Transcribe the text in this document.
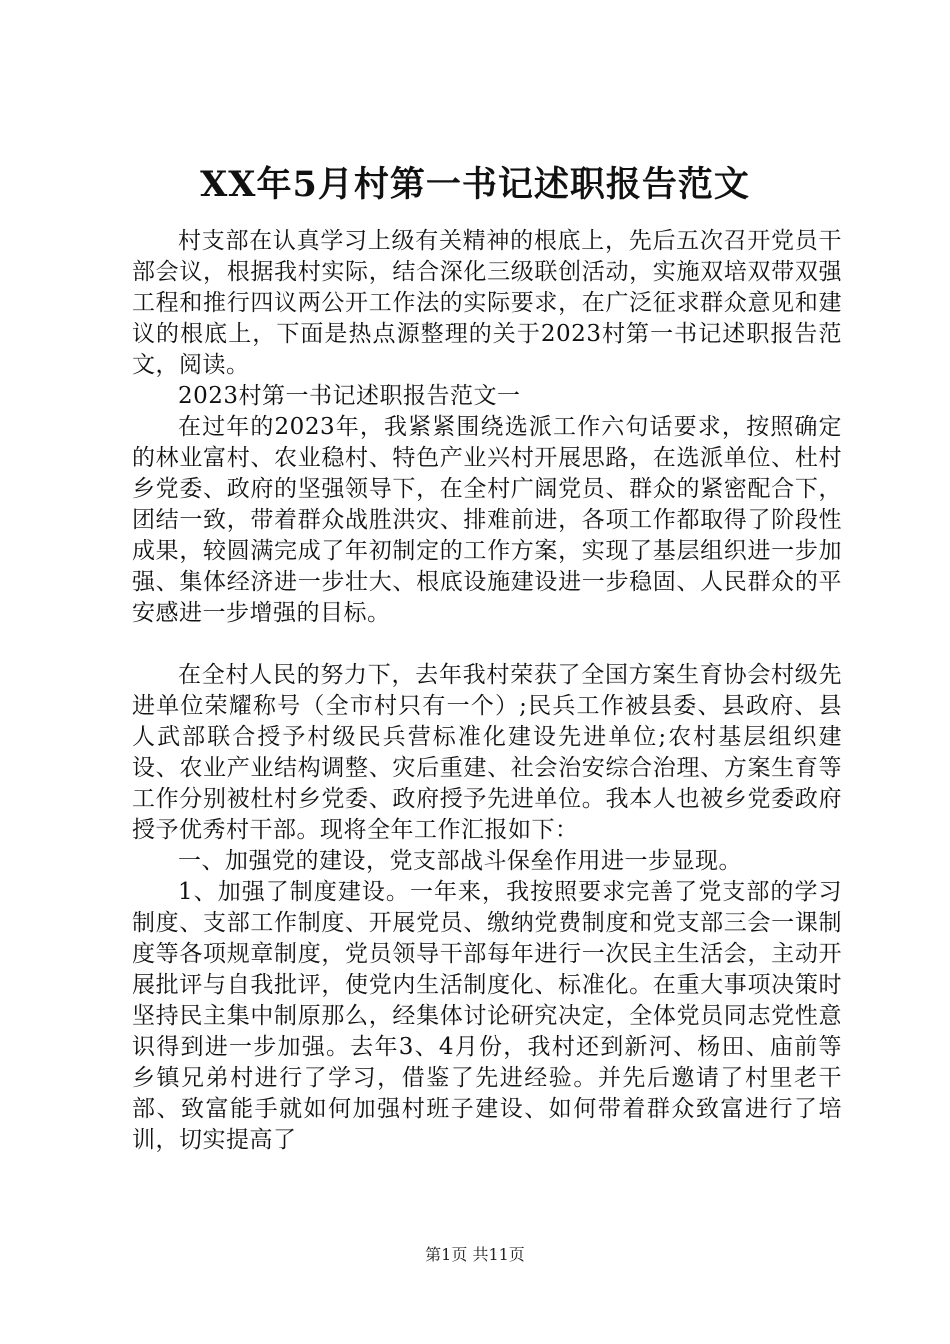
XX年5月村第一书记述职报告范文

村支部在认真学习上级有关精神的根底上，先后五次召开党员干部会议，根据我村实际，结合深化三级联创活动，实施双培双带双强工程和推行四议两公开工作法的实际要求，在广泛征求群众意见和建议的根底上，下面是热点源整理的关于2023村第一书记述职报告范文，阅读。

2023村第一书记述职报告范文一

在过年的2023年，我紧紧围绕选派工作六句话要求，按照确定的林业富村、农业稳村、特色产业兴村开展思路，在选派单位、杜村乡党委、政府的坚强领导下，在全村广阔党员、群众的紧密配合下，团结一致，带着群众战胜洪灾、排难前进，各项工作都取得了阶段性成果，较圆满完成了年初制定的工作方案，实现了基层组织进一步加强、集体经济进一步壮大、根底设施建设进一步稳固、人民群众的平安感进一步增强的目标。

在全村人民的努力下，去年我村荣获了全国方案生育协会村级先进单位荣耀称号（全市村只有一个）;民兵工作被县委、县政府、县人武部联合授予村级民兵营标准化建设先进单位;农村基层组织建设、农业产业结构调整、灾后重建、社会治安综合治理、方案生育等工作分别被杜村乡党委、政府授予先进单位。我本人也被乡党委政府授予优秀村干部。现将全年工作汇报如下：

一、加强党的建设，党支部战斗保垒作用进一步显现。

1、加强了制度建设。一年来，我按照要求完善了党支部的学习制度、支部工作制度、开展党员、缴纳党费制度和党支部三会一课制度等各项规章制度，党员领导干部每年进行一次民主生活会，主动开展批评与自我批评，使党内生活制度化、标准化。在重大事项决策时坚持民主集中制原那么，经集体讨论研究决定，全体党员同志党性意识得到进一步加强。去年3、4月份，我村还到新河、杨田、庙前等乡镇兄弟村进行了学习，借鉴了先进经验。并先后邀请了村里老干部、致富能手就如何加强村班子建设、如何带着群众致富进行了培训，切实提高了

第1页 共11页
